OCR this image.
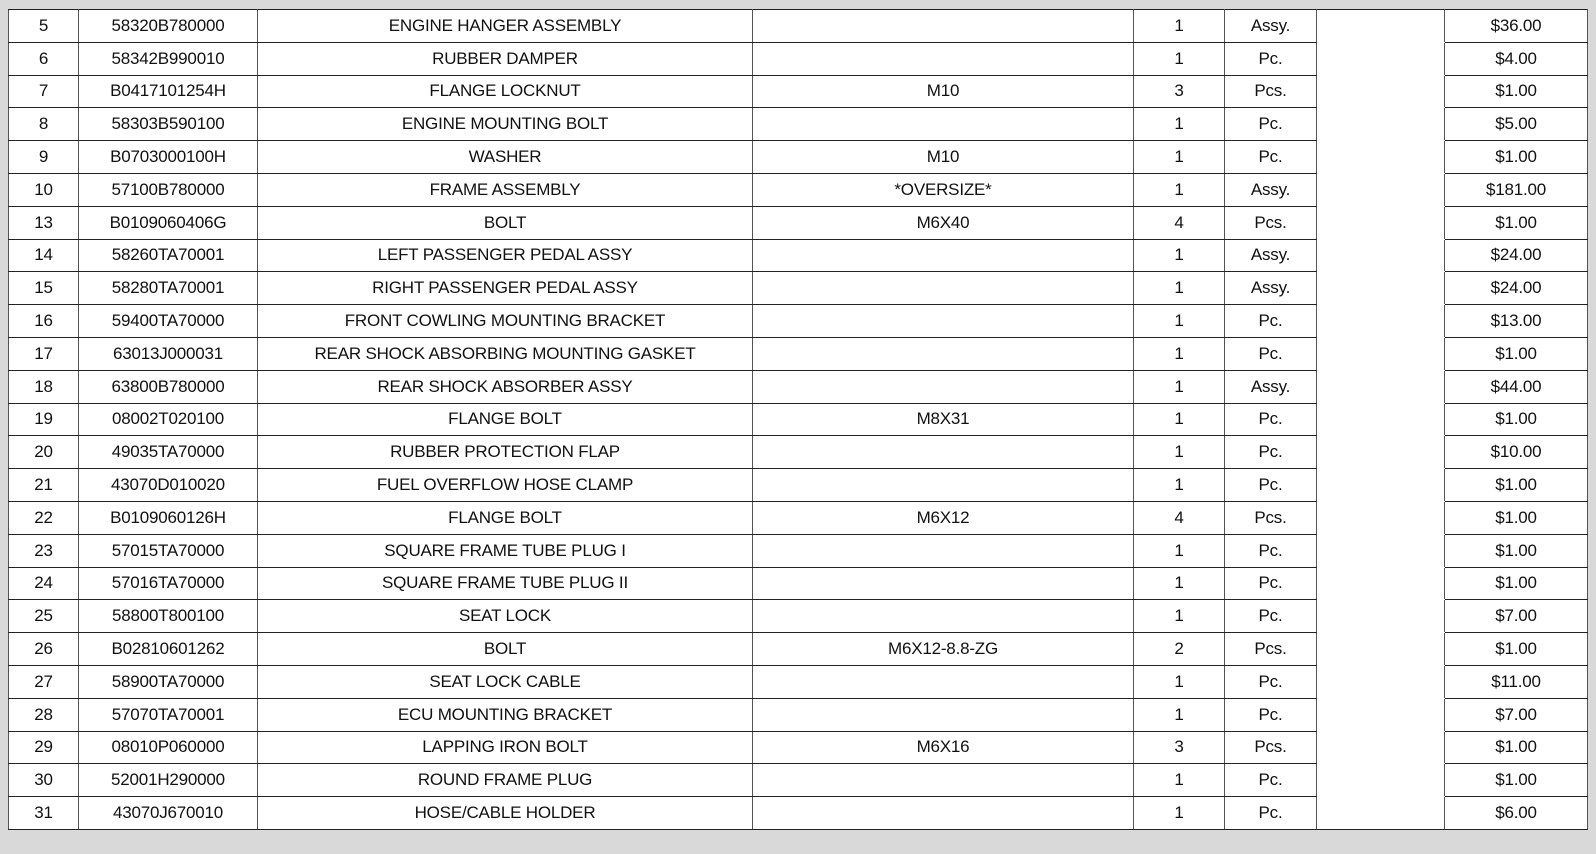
5	58320B780000	ENGINE HANGER ASSEMBLY		1	Assy.		$36.00
6	58342B990010	RUBBER DAMPER		1	Pc.		$4.00
7	B0417101254H	FLANGE LOCKNUT	M10	3	Pcs.		$1.00
8	58303B590100	ENGINE MOUNTING BOLT		1	Pc.		$5.00
9	B0703000100H	WASHER	M10	1	Pc.		$1.00
10	57100B780000	FRAME ASSEMBLY	*OVERSIZE*	1	Assy.		$181.00
13	B0109060406G	BOLT	M6X40	4	Pcs.		$1.00
14	58260TA70001	LEFT PASSENGER PEDAL ASSY		1	Assy.		$24.00
15	58280TA70001	RIGHT PASSENGER PEDAL ASSY		1	Assy.		$24.00
16	59400TA70000	FRONT COWLING MOUNTING BRACKET		1	Pc.		$13.00
17	63013J000031	REAR SHOCK ABSORBING MOUNTING GASKET		1	Pc.		$1.00
18	63800B780000	REAR SHOCK ABSORBER ASSY		1	Assy.		$44.00
19	08002T020100	FLANGE BOLT	M8X31	1	Pc.		$1.00
20	49035TA70000	RUBBER PROTECTION FLAP		1	Pc.		$10.00
21	43070D010020	FUEL OVERFLOW HOSE CLAMP		1	Pc.		$1.00
22	B0109060126H	FLANGE BOLT	M6X12	4	Pcs.		$1.00
23	57015TA70000	SQUARE FRAME TUBE PLUG I		1	Pc.		$1.00
24	57016TA70000	SQUARE FRAME TUBE PLUG II		1	Pc.		$1.00
25	58800T800100	SEAT LOCK		1	Pc.		$7.00
26	B02810601262	BOLT	M6X12-8.8-ZG	2	Pcs.		$1.00
27	58900TA70000	SEAT LOCK CABLE		1	Pc.		$11.00
28	57070TA70001	ECU MOUNTING BRACKET		1	Pc.		$7.00
29	08010P060000	LAPPING IRON BOLT	M6X16	3	Pcs.		$1.00
30	52001H290000	ROUND FRAME PLUG		1	Pc.		$1.00
31	43070J670010	HOSE/CABLE HOLDER		1	Pc.		$6.00
